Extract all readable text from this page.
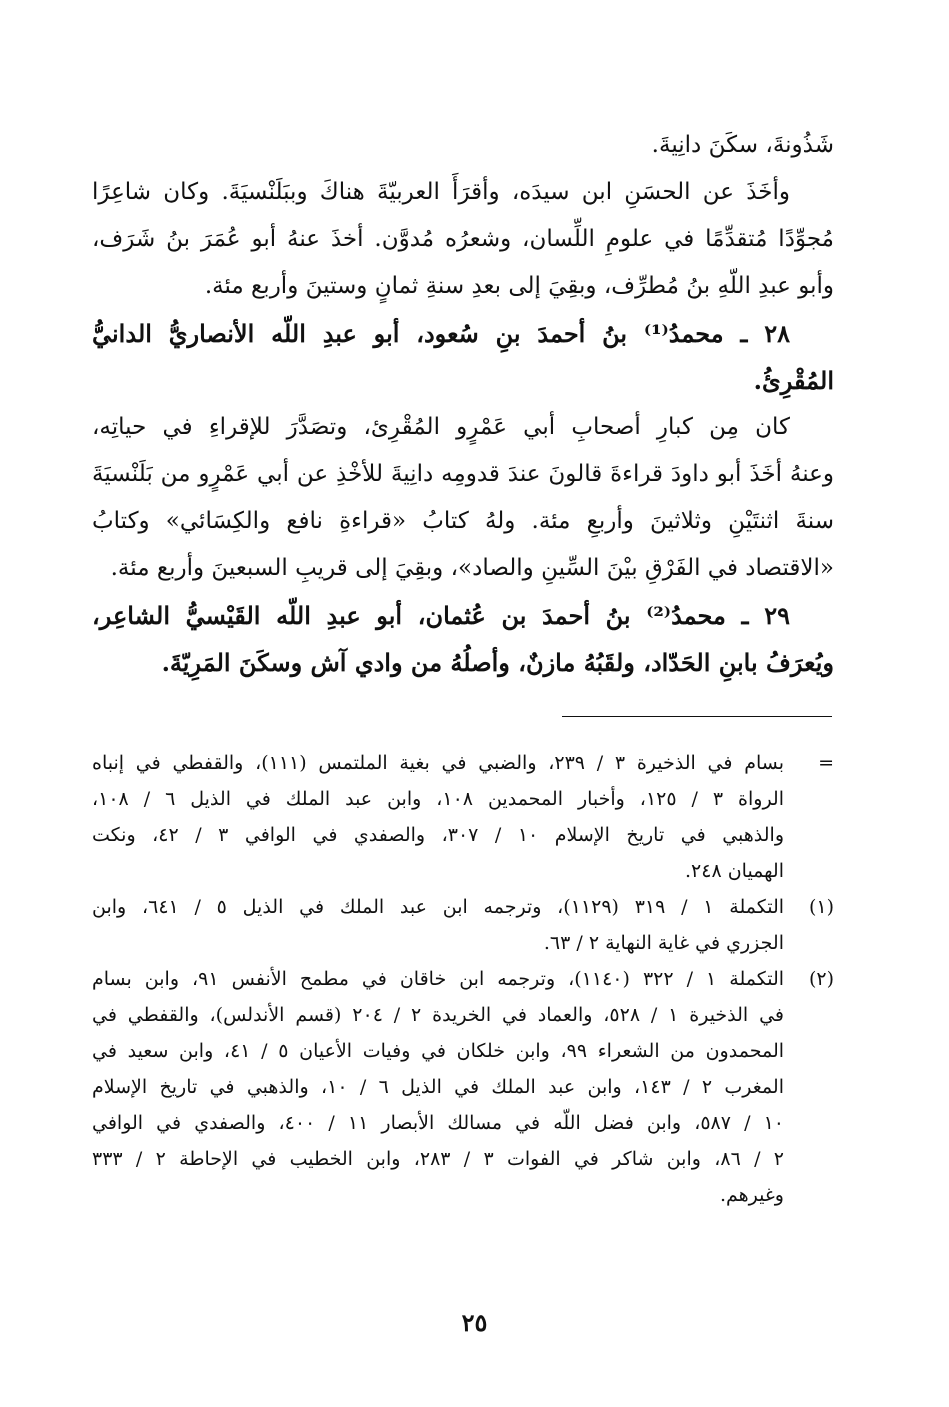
شَذُونةَ، سكَنَ دانِيةَ.
وأخَذَ عن الحسَنِ ابن سيدَه، وأقرَأَ العربيّةَ هناكَ وببَلَنْسيَةَ. وكان شاعِرًا
مُجوِّدًا مُتقدِّمًا في علومِ اللِّسان، وشعرُه مُدوَّن. أخذَ عنهُ أبو عُمَرَ بنُ شَرَف،
وأبو عبدِ اللّهِ بنُ مُطرِّف، وبقِيَ إلى بعدِ سنةِ ثمانٍ وستينَ وأربع مئة.
٢٨ ـ محمدُ⁽¹⁾ بنُ أحمدَ بنِ سُعود، أبو عبدِ اللّه الأنصاريُّ الدانيُّ
المُقْرِئُ.
كان مِن كبارِ أصحابِ أبي عَمْرٍو المُقْرِئ، وتصَدَّرَ للإقراءِ في حياتِه،
وعنهُ أخَذَ أبو داودَ قراءةَ قالونَ عندَ قدومِه دانِيةَ للأخْذِ عن أبي عَمْرٍو من بَلَنْسيَةَ
سنةَ اثنتَيْنِ وثلاثينَ وأربعِ مئة. ولهُ كتابُ «قراءةِ نافع والكِسَائي» وكتابُ
«الاقتصاد في الفَرْقِ بيْنَ السِّينِ والصاد»، وبقِيَ إلى قريبِ السبعينَ وأربع مئة.
٢٩ ـ محمدُ⁽²⁾ بنُ أحمدَ بن عُثمان، أبو عبدِ اللّه القَيْسيُّ الشاعِر،
ويُعرَفُ بابنِ الحَدّاد، ولقَبُهُ مازنٌ، وأصلُهُ من وادي آش وسكَنَ المَرِيّةَ.
=
بسام في الذخيرة ٣ / ٢٣٩، والضبي في بغية الملتمس (١١١)، والقفطي في إنباه
الرواة ٣ / ١٢٥، وأخبار المحمدين ١٠٨، وابن عبد الملك في الذيل ٦ / ١٠٨،
والذهبي في تاريخ الإسلام ١٠ / ٣٠٧، والصفدي في الوافي ٣ / ٤٢، ونكت
الهميان ٢٤٨.
(١)
التكملة ١ / ٣١٩ (١١٢٩)، وترجمه ابن عبد الملك في الذيل ٥ / ٦٤١، وابن
الجزري في غاية النهاية ٢ / ٦٣.
(٢)
التكملة ١ / ٣٢٢ (١١٤٠)، وترجمه ابن خاقان في مطمح الأنفس ٩١، وابن بسام
في الذخيرة ١ / ٥٢٨، والعماد في الخريدة ٢ / ٢٠٤ (قسم الأندلس)، والقفطي في
المحمدون من الشعراء ٩٩، وابن خلكان في وفيات الأعيان ٥ / ٤١، وابن سعيد في
المغرب ٢ / ١٤٣، وابن عبد الملك في الذيل ٦ / ١٠، والذهبي في تاريخ الإسلام
١٠ / ٥٨٧، وابن فضل اللّه في مسالك الأبصار ١١ / ٤٠٠، والصفدي في الوافي
٢ / ٨٦، وابن شاكر في الفوات ٣ / ٢٨٣، وابن الخطيب في الإحاطة ٢ / ٣٣٣
وغيرهم.
٢٥
